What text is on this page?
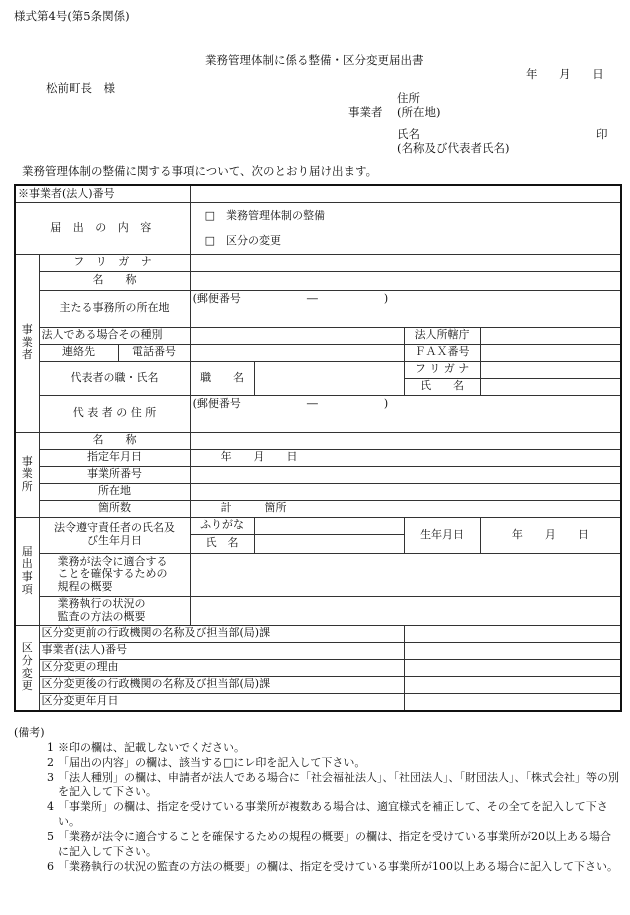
様式第4号(第5条関係)
業務管理体制に係る整備・区分変更届出書
年 月 日
松前町長　様
事業者
住所
(所在地)
氏名
(名称及び代表者氏名)
印
業務管理体制の整備に関する事項について、次のとおり届け出ます。
※事業者(法人)番号						
届 出 の 内 容			□　業務管理体制の整備
□　区分の変更			

事
業
者	フ リ ガ ナ					
	名　　称					
	主たる事務所の所在地		(郵便番号　　　　　　―　　　　　　)			

	法人である場合その種別				法人所轄庁	
	連絡先	電話番号			ＦＡＸ番号	
	代表者の職・氏名		職　　名		フ リ ガ ナ	
					氏　　名	
	代 表 者 の 住 所		(郵便番号　　　　　　―　　　　　　)			

事
業
所	名　　称					
	指定年月日		年　　月　　日			
	事業所番号					
	所在地					
	箇所数		計　　　箇所			

届
出
事
項	法令遵守責任者の氏名及び生年月日		ふりがな		生年月日	年　　月　　日
			氏　名			
	業務が法令に適合することを確保するための規程の概要					
	業務執行の状況の監査の方法の概要					

区
分
変
更	区分変更前の行政機関の名称及び担当部(局)課					
	事業者(法人)番号					
	区分変更の理由					
	区分変更後の行政機関の名称及び担当部(局)課					
	区分変更年月日					
(備考)
1 ※印の欄は、記載しないでください。
2 「届出の内容」の欄は、該当する□にレ印を記入して下さい。
3 「法人種別」の欄は、申請者が法人である場合に「社会福祉法人」、「社団法人」、「財団法人」、「株式会社」等の別を記入して下さい。
4 「事業所」の欄は、指定を受けている事業所が複数ある場合は、適宜様式を補正して、その全てを記入して下さい。
5 「業務が法令に適合することを確保するための規程の概要」の欄は、指定を受けている事業所が20以上ある場合に記入して下さい。
6 「業務執行の状況の監査の方法の概要」の欄は、指定を受けている事業所が100以上ある場合に記入して下さい。
